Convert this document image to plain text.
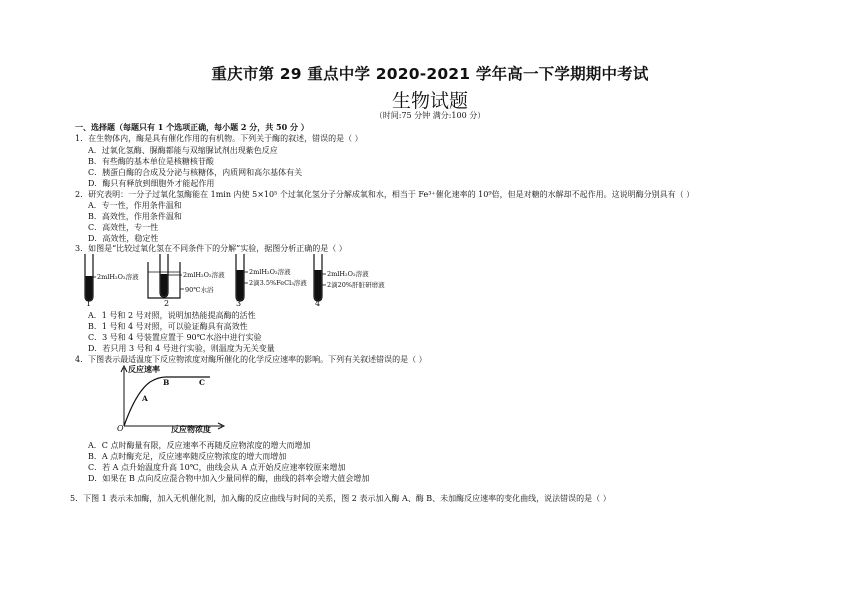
重庆市第 29 重点中学 2020-2021 学年高一下学期期中考试
生物试题
（时间:75 分钟 满分:100 分）
一、选择题（每题只有 1 个选项正确，每小题 2 分，共 50 分 ）
1．在生物体内，酶是具有催化作用的有机物。下列关于酶的叙述，错误的是（ ）
A．过氧化氢酶、脲酶都能与双缩脲试剂出现紫色反应
B．有些酶的基本单位是核糖核苷酸
C．胰蛋白酶的合成及分泌与核糖体，内质网和高尔基体有关
D．酶只有释放到细胞外才能起作用
2．研究表明：一分子过氧化氢酶能在 1min 内使 5×10⁵ 个过氧化氢分子分解成氧和水，相当于 Fe³⁺催化速率的 10⁹倍，但是对糖的水解却不起作用。这说明酶分别具有（ ）
A．专一性，作用条件温和
B．高效性，作用条件温和
C．高效性，专一性
D．高效性，稳定性
3．如图是“比较过氧化氢在不同条件下的分解”实验，据图分析正确的是（ ）
2mlH₂O₂溶液	2mlH₂O₂溶液
90℃水浴
2mlH₂O₂溶液
2滴3.5%FeCl₃溶液
2mlH₂O₂溶液
2滴20%肝脏研磨液
1	2	3	4
A．1 号和 2 号对照，说明加热能提高酶的活性
B．1 号和 4 号对照，可以验证酶具有高效性
C．3 号和 4 号装置应置于 90℃水浴中进行实验
D．若只用 3 号和 4 号进行实验，则温度为无关变量
4．下图表示最适温度下反应物浓度对酶所催化的化学反应速率的影响。下列有关叙述错误的是（ ）
反应速率
反应物浓度
O
A
B	C
A．C 点时酶量有限，反应速率不再随反应物浓度的增大而增加
B．A 点时酶充足，反应速率随反应物浓度的增大而增加
C．若 A 点升始温度升高 10℃，曲线会从 A 点开始反应速率较原来增加
D．如果在 B 点向反应混合物中加入少量同样的酶，曲线的斜率会增大值会增加
5．下图 1 表示未加酶，加入无机催化剂，加入酶的反应曲线与时间的关系，图 2 表示加入酶 A、酶 B、未加酶反应速率的变化曲线，说法错误的是（ ）
